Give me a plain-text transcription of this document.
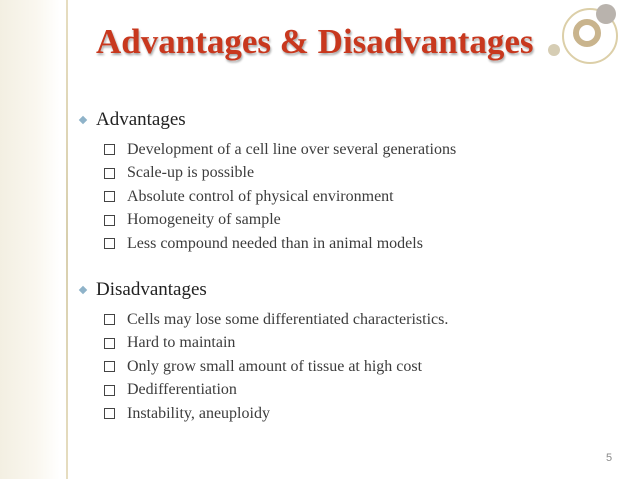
Advantages & Disadvantages
Advantages
Development of a cell line over several generations
Scale-up is possible
Absolute control of physical environment
Homogeneity of sample
Less compound needed than in animal models
Disadvantages
Cells may lose some differentiated characteristics.
Hard to maintain
Only grow small amount of tissue at high cost
Dedifferentiation
Instability, aneuploidy
5
